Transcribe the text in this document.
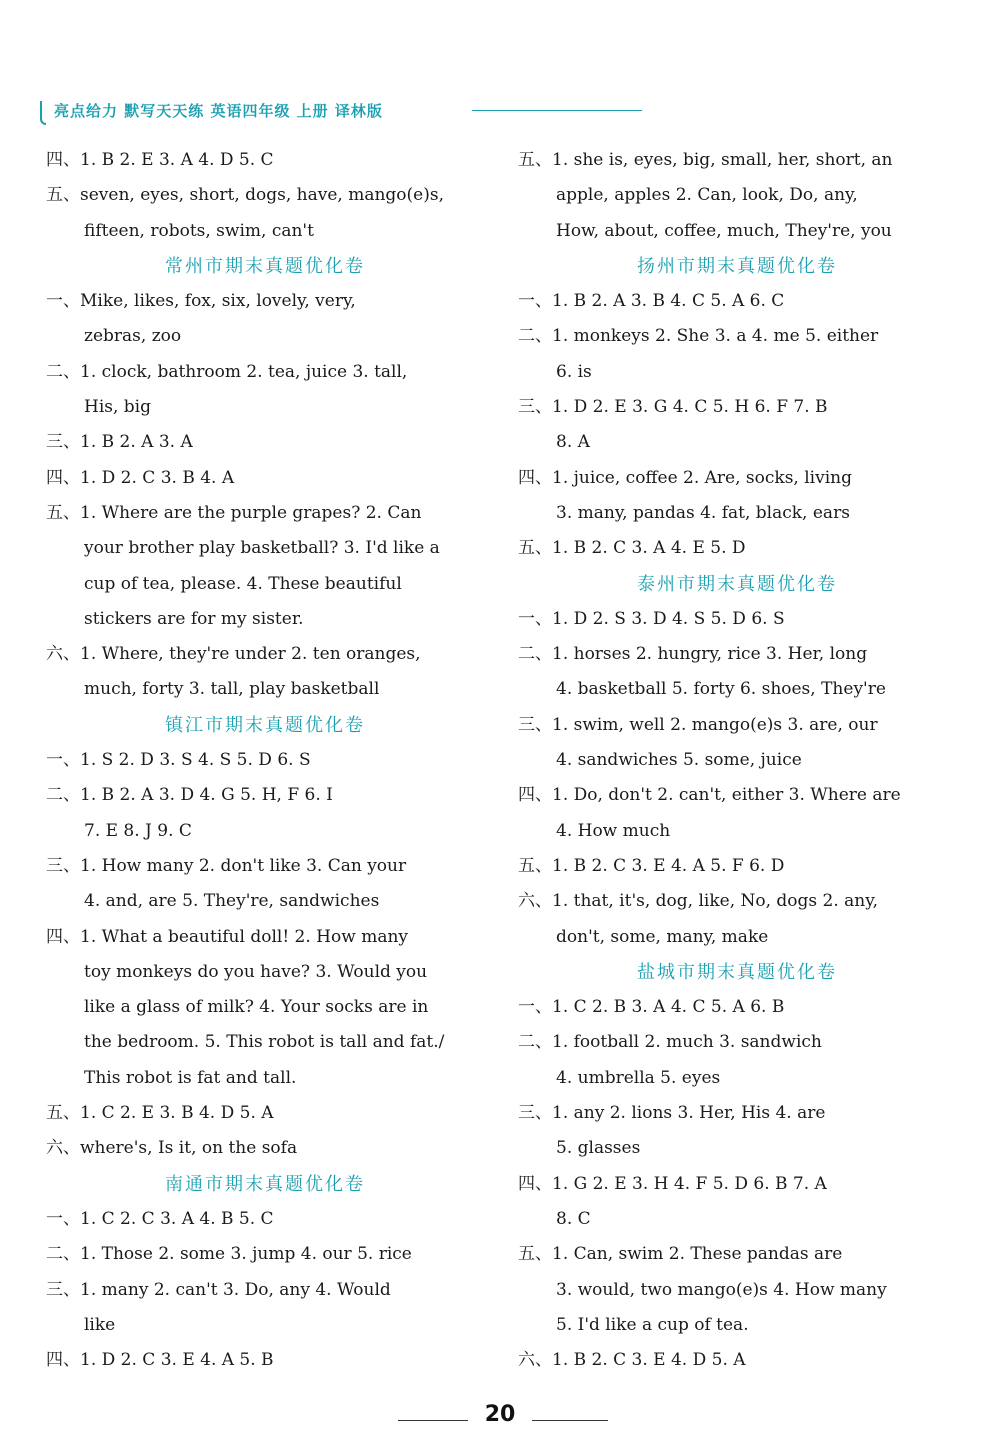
亮点给力 默写天天练 英语四年级 上册 译林版
四、1. B 2. E 3. A 4. D 5. C
五、seven, eyes, short, dogs, have, mango(e)s,
fifteen, robots, swim, can't
常州市期末真题优化卷
一、Mike, likes, fox, six, lovely, very,
zebras, zoo
二、1. clock, bathroom 2. tea, juice 3. tall,
His, big
三、1. B 2. A 3. A
四、1. D 2. C 3. B 4. A
五、1. Where are the purple grapes? 2. Can
your brother play basketball? 3. I'd like a
cup of tea, please. 4. These beautiful
stickers are for my sister.
六、1. Where, they're under 2. ten oranges,
much, forty 3. tall, play basketball
镇江市期末真题优化卷
一、1. S 2. D 3. S 4. S 5. D 6. S
二、1. B 2. A 3. D 4. G 5. H, F 6. I
7. E 8. J 9. C
三、1. How many 2. don't like 3. Can your
4. and, are 5. They're, sandwiches
四、1. What a beautiful doll! 2. How many
toy monkeys do you have? 3. Would you
like a glass of milk? 4. Your socks are in
the bedroom. 5. This robot is tall and fat./
This robot is fat and tall.
五、1. C 2. E 3. B 4. D 5. A
六、where's, Is it, on the sofa
南通市期末真题优化卷
一、1. C 2. C 3. A 4. B 5. C
二、1. Those 2. some 3. jump 4. our 5. rice
三、1. many 2. can't 3. Do, any 4. Would
like
四、1. D 2. C 3. E 4. A 5. B
五、1. she is, eyes, big, small, her, short, an
apple, apples 2. Can, look, Do, any,
How, about, coffee, much, They're, you
扬州市期末真题优化卷
一、1. B 2. A 3. B 4. C 5. A 6. C
二、1. monkeys 2. She 3. a 4. me 5. either
6. is
三、1. D 2. E 3. G 4. C 5. H 6. F 7. B
8. A
四、1. juice, coffee 2. Are, socks, living
3. many, pandas 4. fat, black, ears
五、1. B 2. C 3. A 4. E 5. D
泰州市期末真题优化卷
一、1. D 2. S 3. D 4. S 5. D 6. S
二、1. horses 2. hungry, rice 3. Her, long
4. basketball 5. forty 6. shoes, They're
三、1. swim, well 2. mango(e)s 3. are, our
4. sandwiches 5. some, juice
四、1. Do, don't 2. can't, either 3. Where are
4. How much
五、1. B 2. C 3. E 4. A 5. F 6. D
六、1. that, it's, dog, like, No, dogs 2. any,
don't, some, many, make
盐城市期末真题优化卷
一、1. C 2. B 3. A 4. C 5. A 6. B
二、1. football 2. much 3. sandwich
4. umbrella 5. eyes
三、1. any 2. lions 3. Her, His 4. are
5. glasses
四、1. G 2. E 3. H 4. F 5. D 6. B 7. A
8. C
五、1. Can, swim 2. These pandas are
3. would, two mango(e)s 4. How many
5. I'd like a cup of tea.
六、1. B 2. C 3. E 4. D 5. A
20
